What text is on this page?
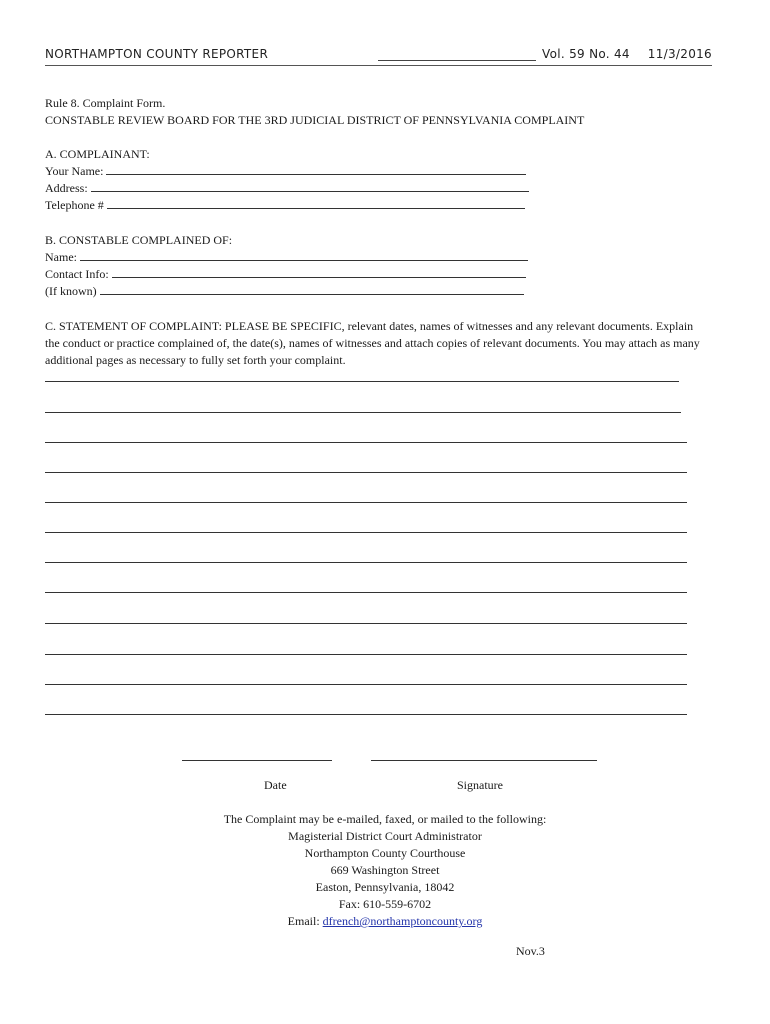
NORTHAMPTON COUNTY REPORTER	Vol. 59 No. 44 11/3/2016
Rule 8. Complaint Form.
CONSTABLE REVIEW BOARD FOR THE 3RD JUDICIAL DISTRICT OF PENNSYLVANIA COMPLAINT
A. COMPLAINANT:
Your Name:
Address:
Telephone #
B. CONSTABLE COMPLAINED OF:
Name:
Contact Info:
(If known)
C. STATEMENT OF COMPLAINT: PLEASE BE SPECIFIC, relevant dates, names of witnesses and any relevant documents. Explain the conduct or practice complained of, the date(s), names of witnesses and attach copies of relevant documents. You may attach as many additional pages as necessary to fully set forth your complaint.
Date	Signature
The Complaint may be e-mailed, faxed, or mailed to the following:
Magisterial District Court Administrator
Northampton County Courthouse
669 Washington Street
Easton, Pennsylvania, 18042
Fax: 610-559-6702
Email: dfrench@northamptoncounty.org
Nov.3
